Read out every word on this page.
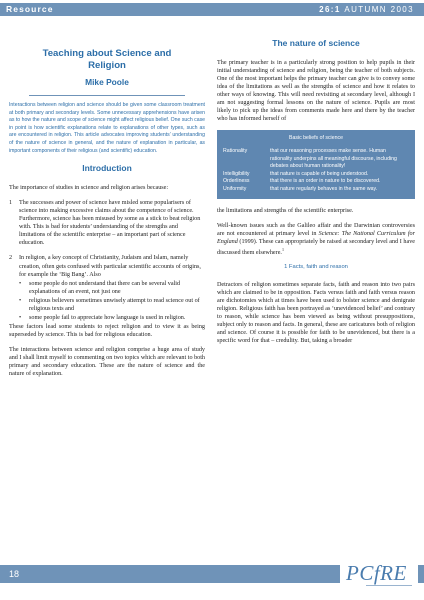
Resource	26:1 AUTUMN 2003
Teaching about Science and
Religion
Mike Poole

Interactions between religion and science should be given some classroom treatment at both primary and secondary levels. Some unnecessary apprehensions have arisen as to how the nature and scope of science might affect religious belief. One such case in point is how scientific explanations relate to explanations of other types, such as are encountered in religion. This article advocates improving students’ understanding of the nature of science in general, and the nature of explanation in particular, as important components of their religious (and scientific) education.

Introduction

The importance of studies in science and religion arises because:

1	The successes and power of science have misled some popularisers of science into making excessive claims about the competence of science. Furthermore, science has been misused by some as a stick to beat religion with. This is bad for students’ understanding of the strengths and limitations of the scientific enterprise – an important part of science education.
2	In religion, a key concept of Christianity, Judaism and Islam, namely creation, often gets confused with particular scientific accounts of origins, for example the ‘Big Bang’. Also
•	some people do not understand that there can be several valid explanations of an event, not just one
•	religious believers sometimes unwisely attempt to read science out of religious texts and
•	some people fail to appreciate how language is used in religion.

These factors lead some students to reject religion and to view it as being superseded by science. This is bad for religious education.

The interactions between science and religion comprise a huge area of study and I shall limit myself to commenting on two topics which are relevant to both primary and secondary education. These are the nature of science and the nature of explanation.

The nature of science

The primary teacher is in a particularly strong position to help pupils in their initial understanding of science and religion, being the teacher of both subjects. One of the most important helps the primary teacher can give is to convey some idea of the limitations as well as the strengths of science and how it relates to other ways of knowing. This will need revisiting at secondary level, although I am not suggesting formal lessons on the nature of science. Pupils are most likely to pick up the ideas from comments made here and there by the teacher who has informed herself of

Basic beliefs of science
Rationality	that our reasoning processes make sense. Human rationality underpins all meaningful discourse, including debates about human rationality!
Intelligibility	that nature is capable of being understood.
Orderliness	that there is an order in nature to be discovered.
Uniformity	that nature regularly behaves in the same way.

the limitations and strengths of the scientific enterprise.

Well-known issues such as the Galileo affair and the Darwinian controversies are not encountered at primary level in Science: The National Curriculum for England (1999). These can appropriately be raised at secondary level and I have discussed them elsewhere.$^1$

1 Facts, faith and reason

Detractors of religion sometimes separate facts, faith and reason into two pairs which are claimed to be in opposition. Facts versus faith and faith versus reason are dichotomies which at times have been used to bolster science and denigrate religion. Religious faith has been portrayed as ‘unevidenced belief’ and contrary to reason, while science has been viewed as being without presuppositions, subject only to reason and facts. In general, these are caricatures both of religion and science. Of course it is possible for faith to be unevidenced, but there is a specific word for that – credulity. But, taking a broader

18	PCfRE
